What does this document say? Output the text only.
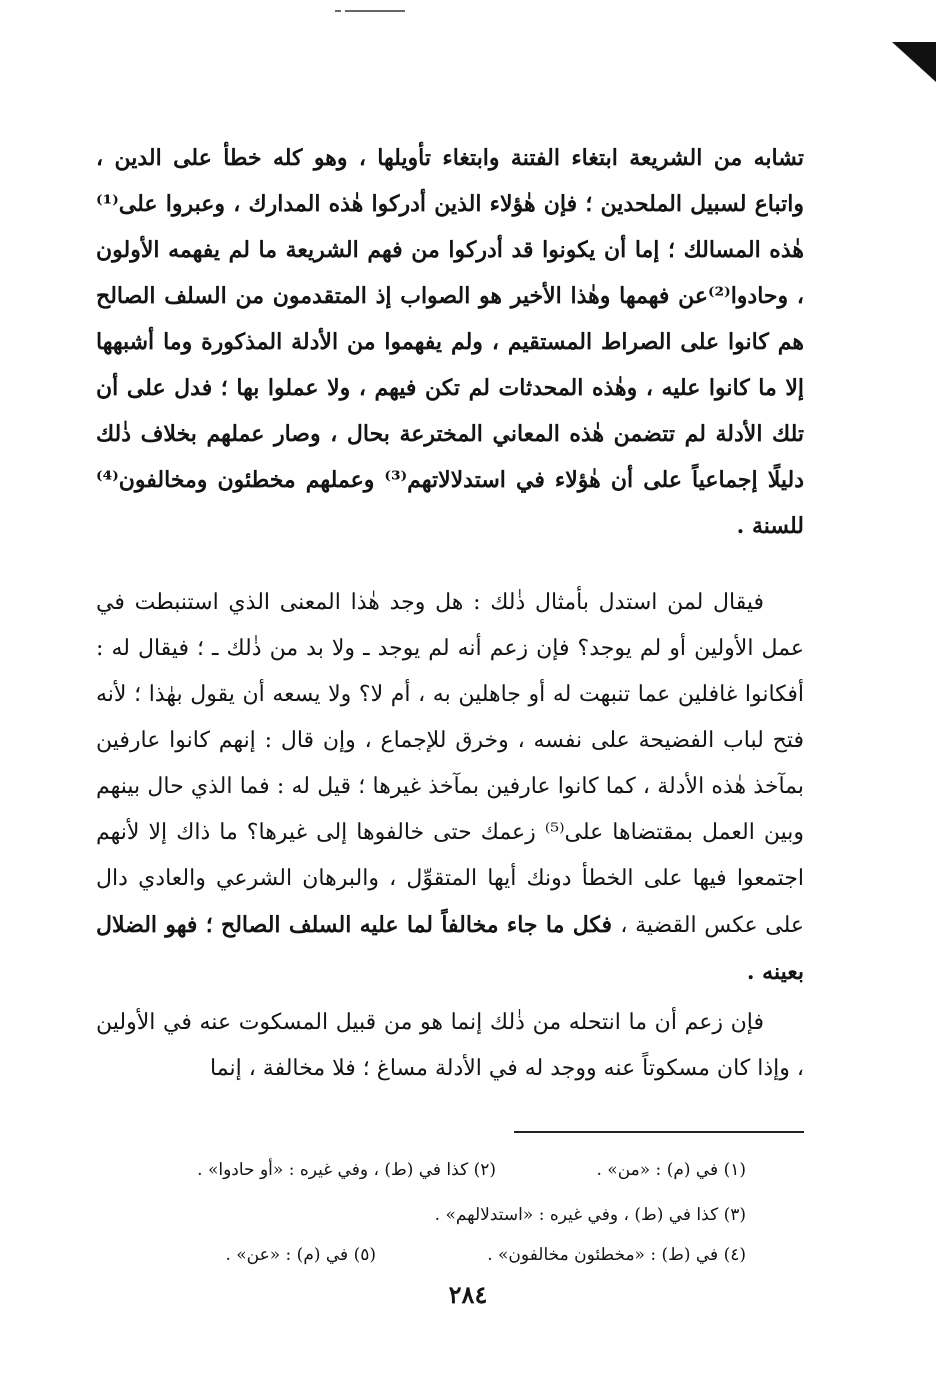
تشابه من الشريعة ابتغاء الفتنة وابتغاء تأويلها ، وهو كله خطأ على الدين ، واتباع لسبيل الملحدين ؛ فإن هٰؤلاء الذين أدركوا هٰذه المدارك ، وعبروا على⁽¹⁾ هٰذه المسالك ؛ إما أن يكونوا قد أدركوا من فهم الشريعة ما لم يفهمه الأولون ، وحادوا⁽²⁾عن فهمها وهٰذا الأخير هو الصواب إذ المتقدمون من السلف الصالح هم كانوا على الصراط المستقيم ، ولم يفهموا من الأدلة المذكورة وما أشبهها إلا ما كانوا عليه ، وهٰذه المحدثات لم تكن فيهم ، ولا عملوا بها ؛ فدل على أن تلك الأدلة لم تتضمن هٰذه المعاني المخترعة بحال ، وصار عملهم بخلاف ذٰلك دليلًا إجماعياً على أن هٰؤلاء في استدلالاتهم⁽³⁾ وعملهم مخطئون ومخالفون⁽⁴⁾ للسنة .

فيقال لمن استدل بأمثال ذٰلك : هل وجد هٰذا المعنى الذي استنبطت في عمل الأولين أو لم يوجد؟ فإن زعم أنه لم يوجد ـ ولا بد من ذٰلك ـ ؛ فيقال له : أفكانوا غافلين عما تنبهت له أو جاهلين به ، أم لا؟ ولا يسعه أن يقول بهٰذا ؛ لأنه فتح لباب الفضيحة على نفسه ، وخرق للإجماع ، وإن قال : إنهم كانوا عارفين بمآخذ هٰذه الأدلة ، كما كانوا عارفين بمآخذ غيرها ؛ قيل له : فما الذي حال بينهم وبين العمل بمقتضاها على⁽⁵⁾ زعمك حتى خالفوها إلى غيرها؟ ما ذاك إلا لأنهم اجتمعوا فيها على الخطأ دونك أيها المتقوِّل ، والبرهان الشرعي والعادي دال على عكس القضية ، فكل ما جاء مخالفاً لما عليه السلف الصالح ؛ فهو الضلال بعينه .

فإن زعم أن ما انتحله من ذٰلك إنما هو من قبيل المسكوت عنه في الأولين ، وإذا كان مسكوتاً عنه ووجد له في الأدلة مساغ ؛ فلا مخالفة ، إنما

(١) في (م) : «من» .
(٢) كذا في (ط) ، وفي غيره : «أو حادوا» .
(٣) كذا في (ط) ، وفي غيره : «استدلالهم» .
(٤) في (ط) : «مخطئون مخالفون» .
(٥) في (م) : «عن» .
٢٨٤
